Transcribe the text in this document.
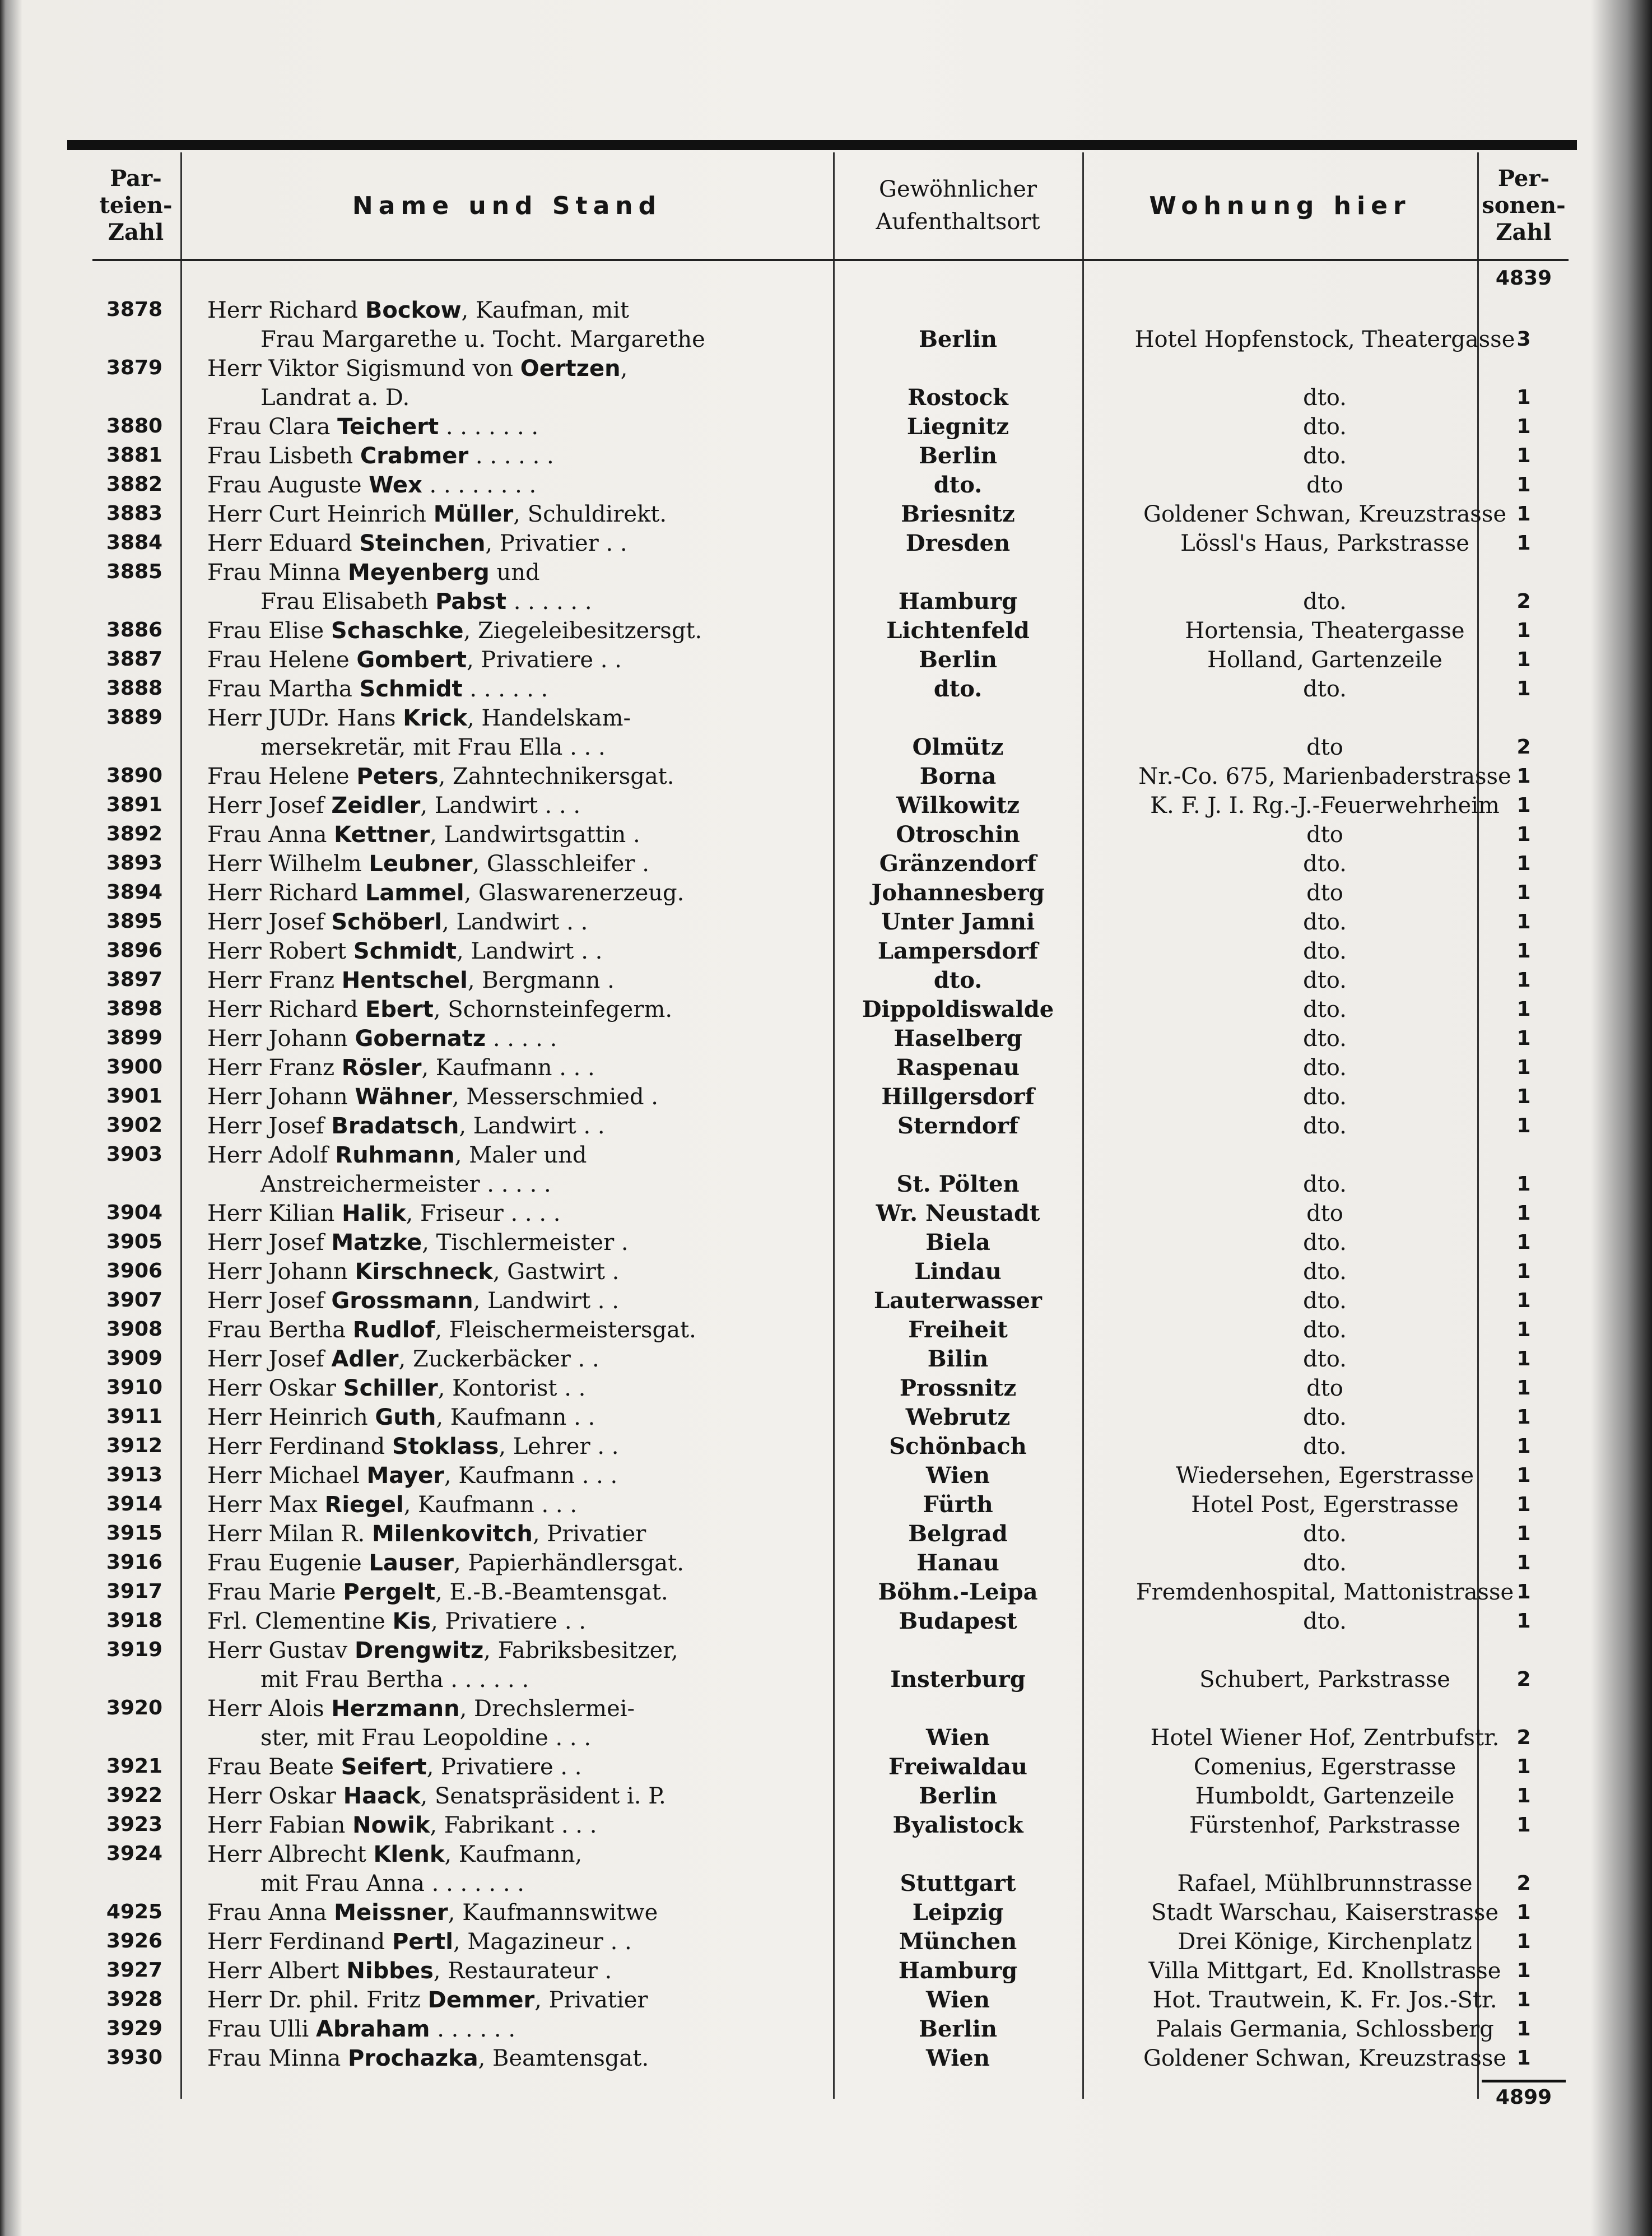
Par-
teien-
Zahl
Name und Stand
Gewöhnlicher
Aufenthaltsort
Wohnung hier
Per-
sonen-
Zahl
4839
3878	Herr Richard Bockow, Kaufman, mit
Frau Margarethe u. Tocht. Margarethe	Berlin	Hotel Hopfenstock, Theatergasse 3
3879	Herr Viktor Sigismund von Oertzen,
Landrat a. D.	Rostock	dto.	1
3880	Frau Clara Teichert . . . . . . .	Liegnitz	dto.	1
3881	Frau Lisbeth Crabmer . . . . . .	Berlin	dto.	1
3882	Frau Auguste Wex . . . . . . . .	dto.	dto	1
3883	Herr Curt Heinrich Müller, Schuldirekt.	Briesnitz	Goldener Schwan, Kreuzstrasse 1
3884	Herr Eduard Steinchen, Privatier . .	Dresden	Lössl's Haus, Parkstrasse	1
3885	Frau Minna Meyenberg und
Frau Elisabeth Pabst . . . . . .	Hamburg	dto.	2
3886	Frau Elise Schaschke, Ziegeleibesitzersgt.	Lichtenfeld	Hortensia, Theatergasse	1
3887	Frau Helene Gombert, Privatiere . .	Berlin	Holland, Gartenzeile	1
3888	Frau Martha Schmidt . . . . . .	dto.	dto.	1
3889	Herr JUDr. Hans Krick, Handelskam-
mersekretär, mit Frau Ella . . .	Olmütz	dto	2
3890	Frau Helene Peters, Zahntechnikersgat.	Borna	Nr.-Co. 675, Marienbaderstrasse 1
3891	Herr Josef Zeidler, Landwirt . . .	Wilkowitz	K. F. J. I. Rg.-J.-Feuerwehrheim 1
3892	Frau Anna Kettner, Landwirtsgattin .	Otroschin	dto	1
3893	Herr Wilhelm Leubner, Glasschleifer .	Gränzendorf	dto.	1
3894	Herr Richard Lammel, Glaswarenerzeug.	Johannesberg	dto	1
3895	Herr Josef Schöberl, Landwirt . .	Unter Jamni	dto.	1
3896	Herr Robert Schmidt, Landwirt . .	Lampersdorf	dto.	1
3897	Herr Franz Hentschel, Bergmann .	dto.	dto.	1
3898	Herr Richard Ebert, Schornsteinfegerm.	Dippoldiswalde	dto.	1
3899	Herr Johann Gobernatz . . . . .	Haselberg	dto.	1
3900	Herr Franz Rösler, Kaufmann . . .	Raspenau	dto.	1
3901	Herr Johann Wähner, Messerschmied .	Hillgersdorf	dto.	1
3902	Herr Josef Bradatsch, Landwirt . .	Sterndorf	dto.	1
3903	Herr Adolf Ruhmann, Maler und
Anstreichermeister . . . . .	St. Pölten	dto.	1
3904	Herr Kilian Halik, Friseur . . . .	Wr. Neustadt	dto	1
3905	Herr Josef Matzke, Tischlermeister .	Biela	dto.	1
3906	Herr Johann Kirschneck, Gastwirt .	Lindau	dto.	1
3907	Herr Josef Grossmann, Landwirt . .	Lauterwasser	dto.	1
3908	Frau Bertha Rudlof, Fleischermeistersgat.	Freiheit	dto.	1
3909	Herr Josef Adler, Zuckerbäcker . .	Bilin	dto.	1
3910	Herr Oskar Schiller, Kontorist . .	Prossnitz	dto	1
3911	Herr Heinrich Guth, Kaufmann . .	Webrutz	dto.	1
3912	Herr Ferdinand Stoklass, Lehrer . .	Schönbach	dto.	1
3913	Herr Michael Mayer, Kaufmann . . .	Wien	Wiedersehen, Egerstrasse	1
3914	Herr Max Riegel, Kaufmann . . .	Fürth	Hotel Post, Egerstrasse	1
3915	Herr Milan R. Milenkovitch, Privatier	Belgrad	dto.	1
3916	Frau Eugenie Lauser, Papierhändlersgat.	Hanau	dto.	1
3917	Frau Marie Pergelt, E.-B.-Beamtensgat.	Böhm.-Leipa	Fremdenhospital, Mattonistrasse 1
3918	Frl. Clementine Kis, Privatiere . .	Budapest	dto.	1
3919	Herr Gustav Drengwitz, Fabriksbesitzer,
mit Frau Bertha . . . . . .	Insterburg	Schubert, Parkstrasse	2
3920	Herr Alois Herzmann, Drechslermei-
ster, mit Frau Leopoldine . . .	Wien	Hotel Wiener Hof, Zentrbufstr. 2
3921	Frau Beate Seifert, Privatiere . .	Freiwaldau	Comenius, Egerstrasse	1
3922	Herr Oskar Haack, Senatspräsident i. P.	Berlin	Humboldt, Gartenzeile	1
3923	Herr Fabian Nowik, Fabrikant . . .	Byalistock	Fürstenhof, Parkstrasse	1
3924	Herr Albrecht Klenk, Kaufmann,
mit Frau Anna . . . . . . .	Stuttgart	Rafael, Mühlbrunnstrasse	2
4925	Frau Anna Meissner, Kaufmannswitwe	Leipzig	Stadt Warschau, Kaiserstrasse 1
3926	Herr Ferdinand Pertl, Magazineur . .	München	Drei Könige, Kirchenplatz	1
3927	Herr Albert Nibbes, Restaurateur .	Hamburg	Villa Mittgart, Ed. Knollstrasse 1
3928	Herr Dr. phil. Fritz Demmer, Privatier	Wien	Hot. Trautwein, K. Fr. Jos.-Str. 1
3929	Frau Ulli Abraham . . . . . .	Berlin	Palais Germania, Schlossberg	1
3930	Frau Minna Prochazka, Beamtensgat.	Wien	Goldener Schwan, Kreuzstrasse 1
4899
